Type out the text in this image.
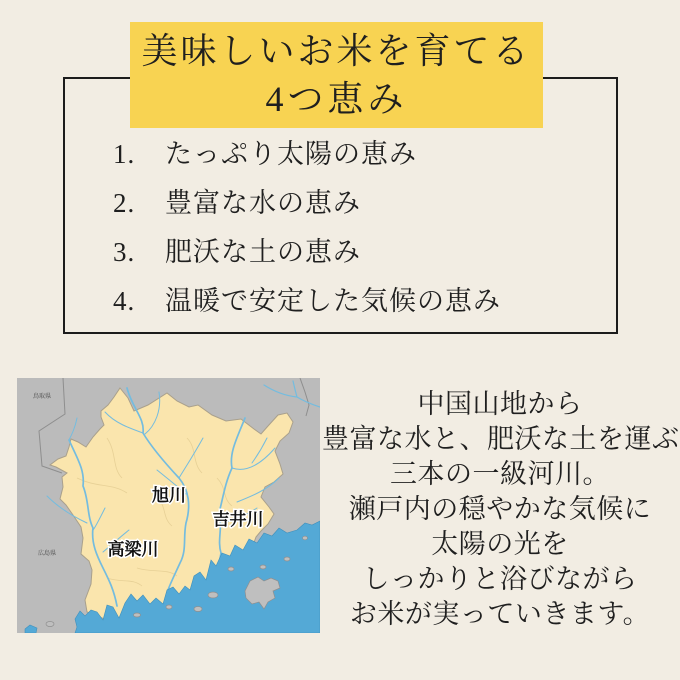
1. たっぷり太陽の恵み
2. 豊富な水の恵み
3. 肥沃な土の恵み
4. 温暖で安定した気候の恵み
美味しいお米を育てる
4つ恵み
鳥取県
広島県
旭川
吉井川
高梁川
中国山地から
豊富な水と、肥沃な土を運ぶ
三本の一級河川。
瀬戸内の穏やかな気候に
太陽の光を
しっかりと浴びながら
お米が実っていきます。
